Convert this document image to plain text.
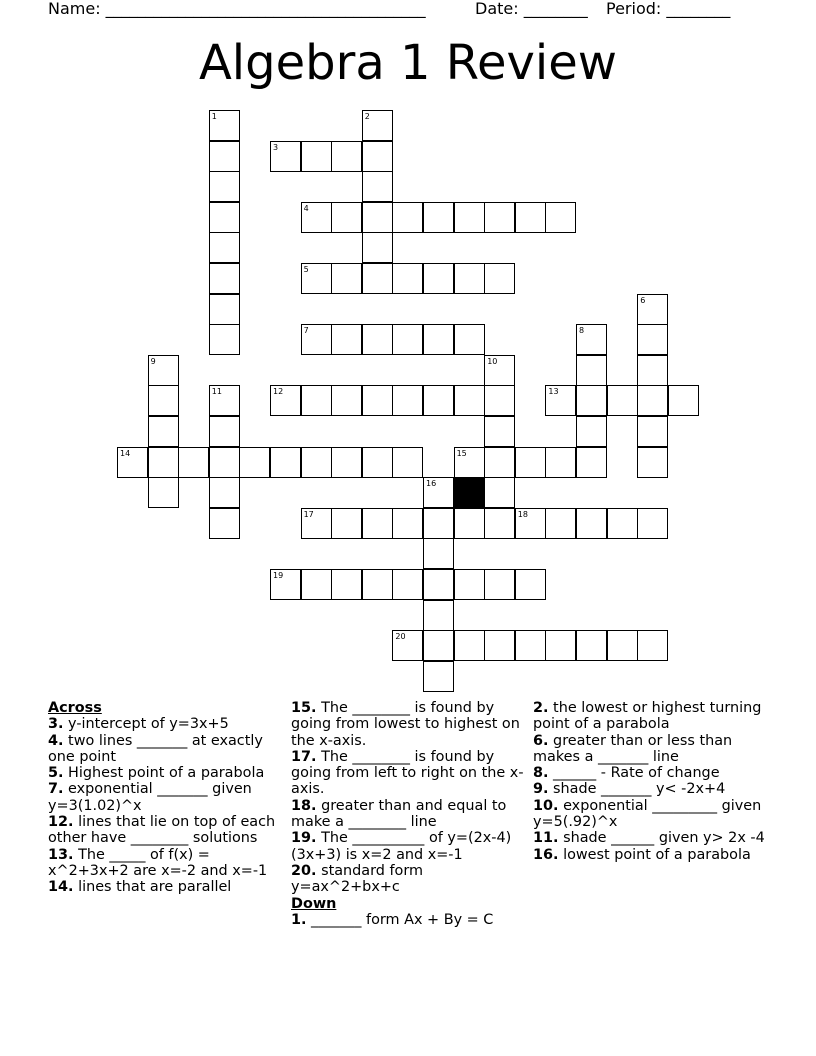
Name: ________________________________________	Date: ________ Period: ________
Algebra 1 Review
1	2
3
4
5
6
7	8
9	10
11	12	13
14	15
16
17	18
19
20

Across

3. y-intercept of y=3x+5

4. two lines _______ at exactly one point

5. Highest point of a parabola

7. exponential _______ given y=3(1.02)^x

12. lines that lie on top of each other have ________ solutions

13. The _____ of f(x) = x^2+3x+2 are x=-2 and x=-1

14. lines that are parallel

15. The ________ is found by going from lowest to highest on the x-axis.

17. The ________ is found by going from left to right on the x-axis.

18. greater than and equal to make a ________ line

19. The __________ of y=(2x-4)(3x+3) is x=2 and x=-1

20. standard form y=ax^2+bx+c

Down

1. _______ form Ax + By = C

2. the lowest or highest turning point of a parabola

6. greater than or less than makes a _______ line

8. ______ - Rate of change

9. shade _______ y< -2x+4

10. exponential _________ given y=5(.92)^x

11. shade ______ given y> 2x -4

16. lowest point of a parabola
